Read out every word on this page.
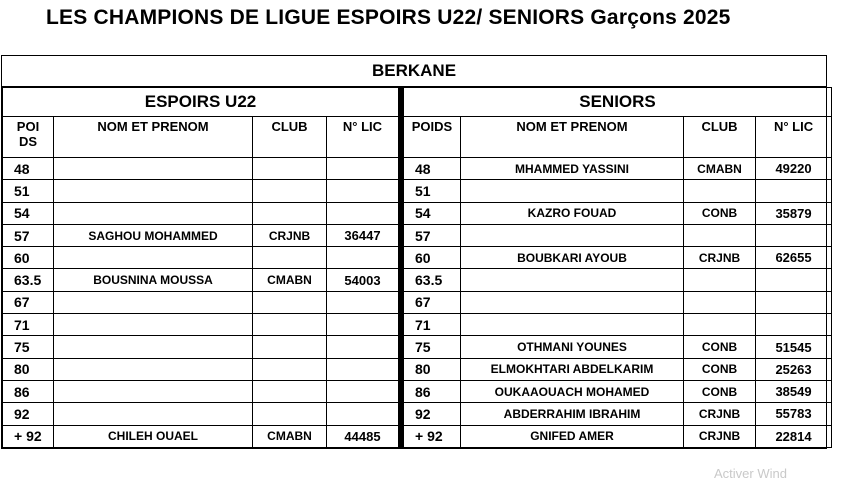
LES CHAMPIONS DE LIGUE ESPOIRS U22/ SENIORS Garçons 2025
BERKANE
ESPOIRS U22			
POI DS	NOM ET PRENOM	CLUB	N° LIC
48			
51			
54			
57	SAGHOU MOHAMMED	CRJNB	36447
60			
63.5	BOUSNINA MOUSSA	CMABN	54003
67			
71			
75			
80			
86			
92			
+ 92	CHILEH OUAEL	CMABN	44485
SENIORS			
POIDS	NOM ET PRENOM	CLUB	N° LIC
48	MHAMMED YASSINI	CMABN	49220
51			
54	KAZRO FOUAD	CONB	35879
57			
60	BOUBKARI AYOUB	CRJNB	62655
63.5			
67			
71			
75	OTHMANI YOUNES	CONB	51545
80	ELMOKHTARI ABDELKARIM	CONB	25263
86	OUKAAOUACH MOHAMED	CONB	38549
92	ABDERRAHIM IBRAHIM	CRJNB	55783
+ 92	GNIFED AMER	CRJNB	22814
Activer Wind
